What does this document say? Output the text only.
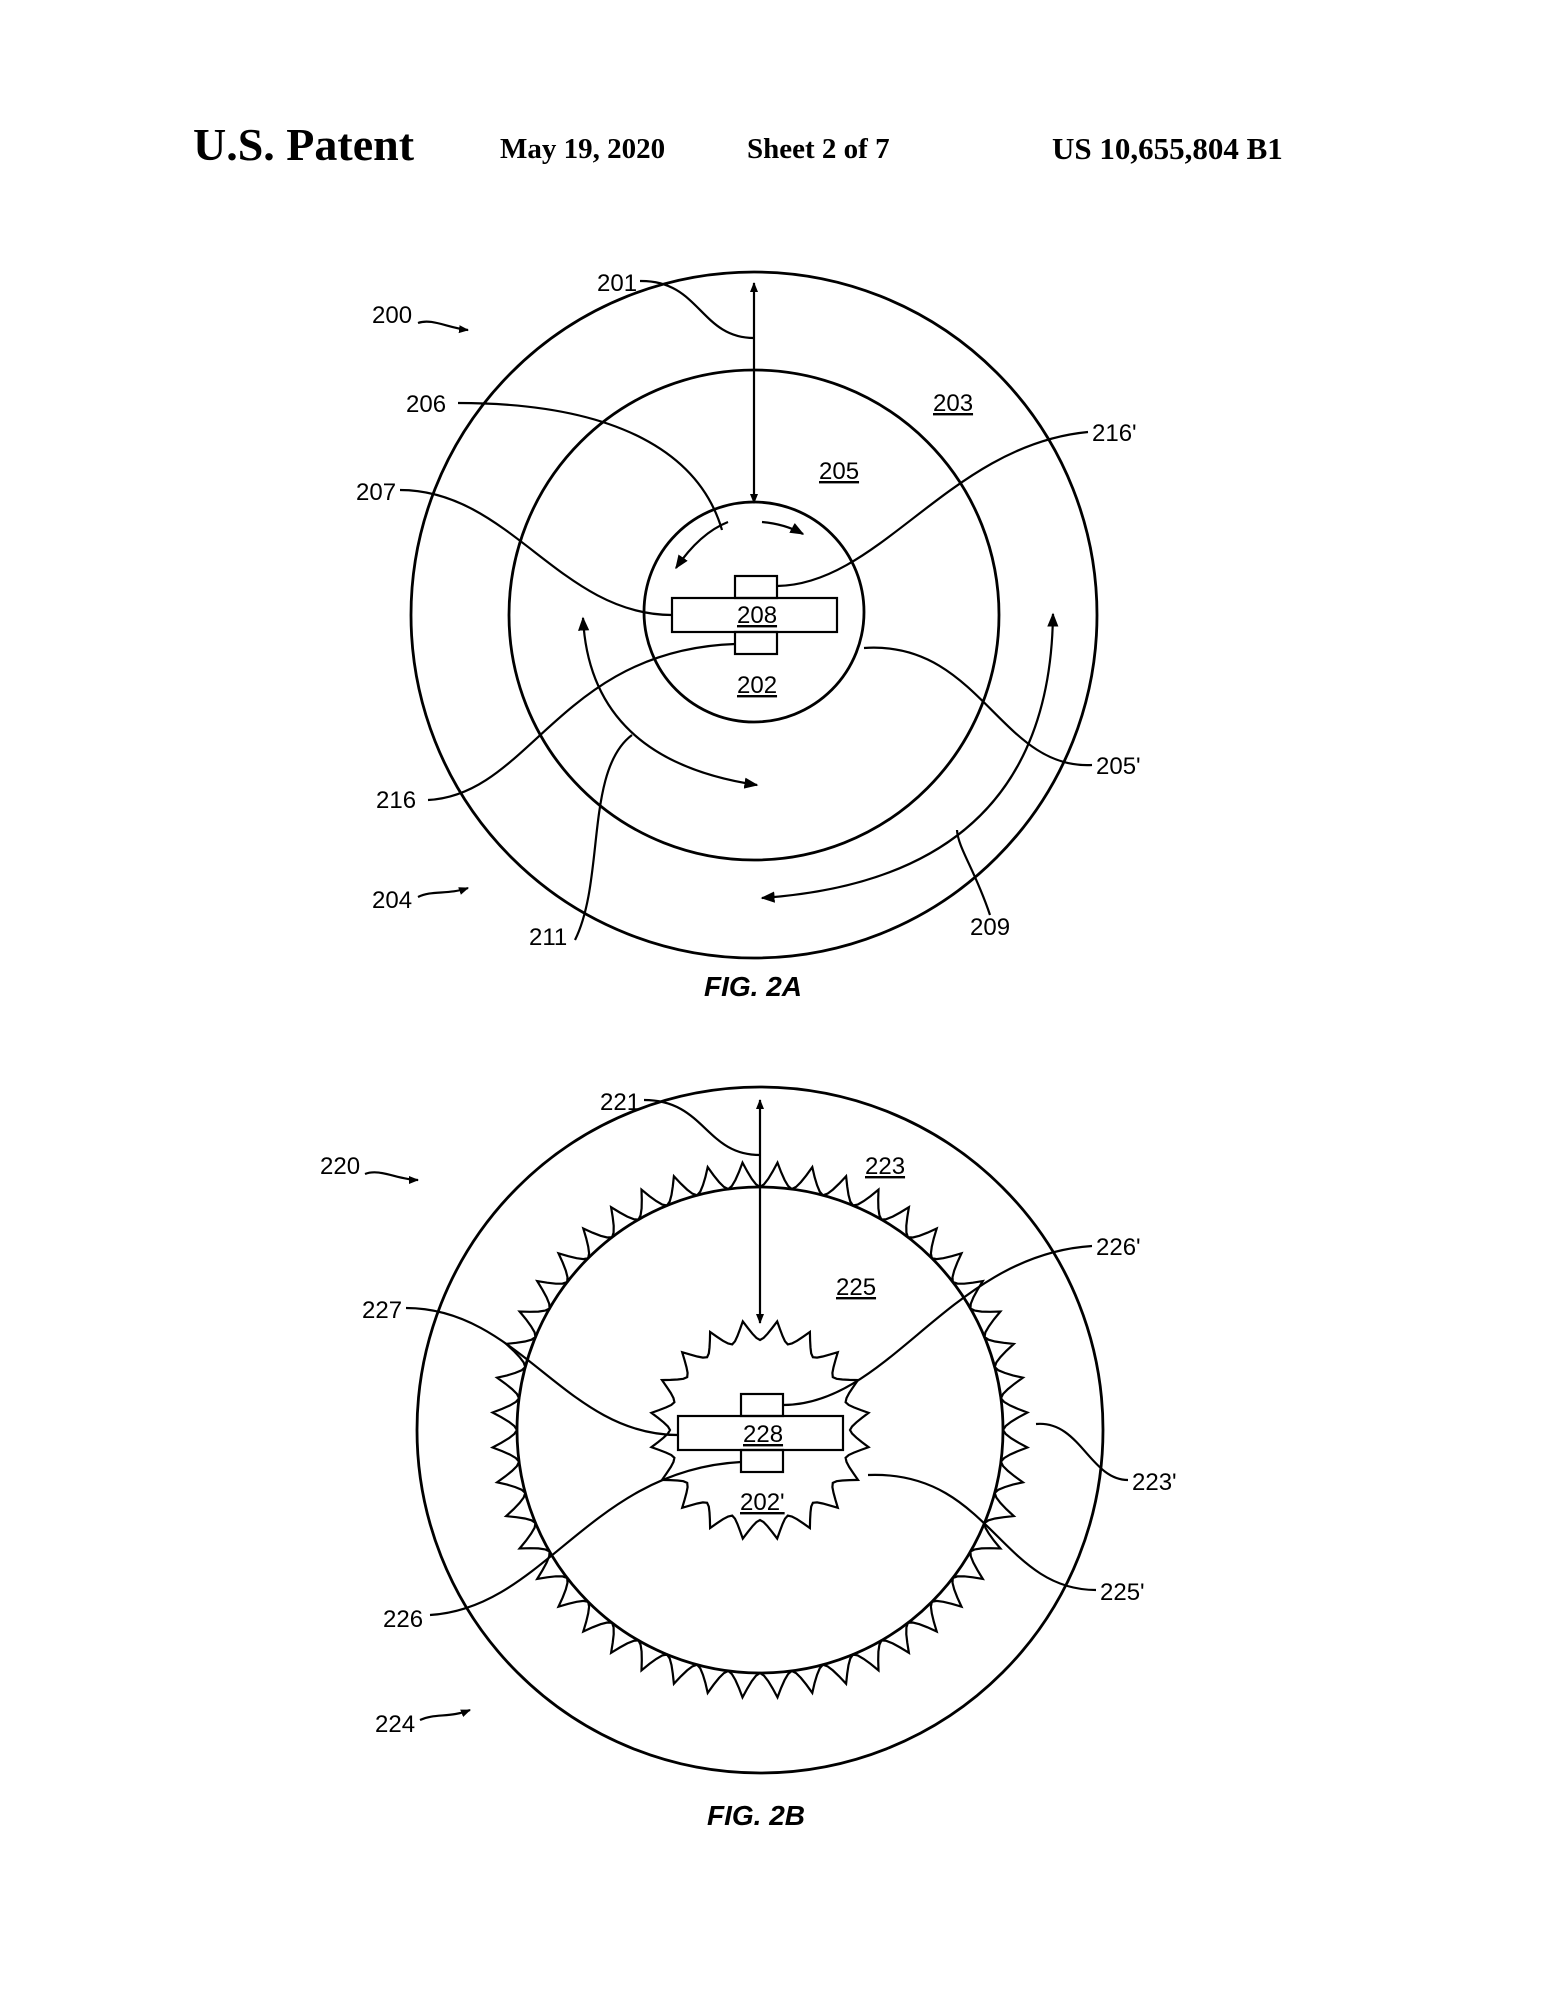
U.S. Patent	May 19, 2020	Sheet 2 of 7	US 10,655,804 B1
200
201
206
207
203
205
216'
208
202
216
205'
204
211	209
FIG. 2A
220
221
223
225
226'
227
228
202'
223'
225'
226
224
FIG. 2B
